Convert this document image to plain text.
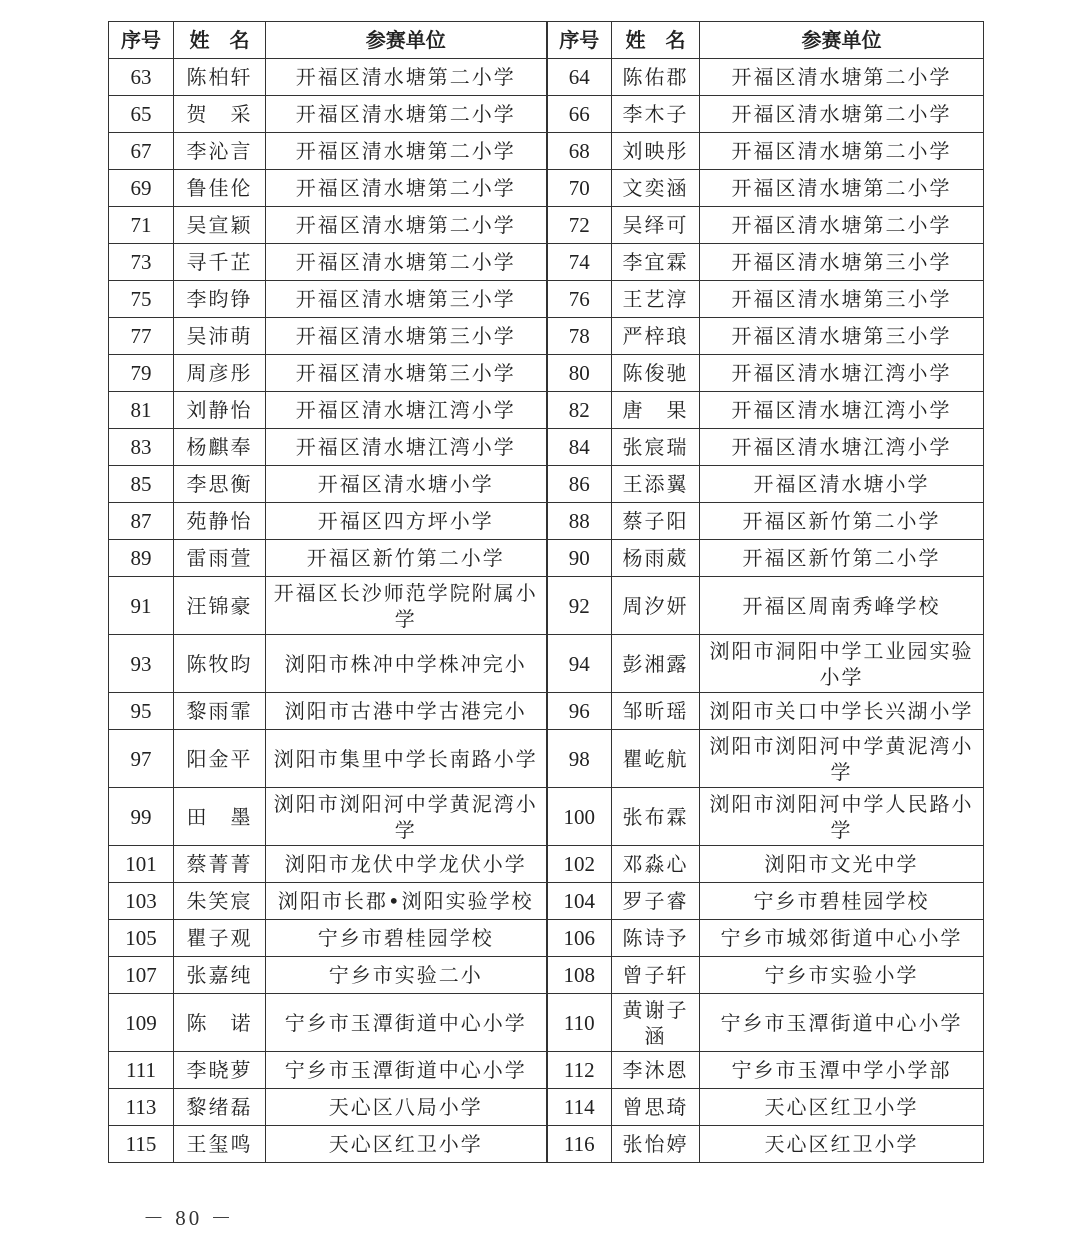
序号	姓　名	参赛单位	序号	姓　名	参赛单位
63	陈柏轩	开福区清水塘第二小学	64	陈佑郡	开福区清水塘第二小学
65	贺　采	开福区清水塘第二小学	66	李木子	开福区清水塘第二小学
67	李沁言	开福区清水塘第二小学	68	刘映彤	开福区清水塘第二小学
69	鲁佳伦	开福区清水塘第二小学	70	文奕涵	开福区清水塘第二小学
71	吴宣颖	开福区清水塘第二小学	72	吴绎可	开福区清水塘第二小学
73	寻千芷	开福区清水塘第二小学	74	李宜霖	开福区清水塘第三小学
75	李昀铮	开福区清水塘第三小学	76	王艺淳	开福区清水塘第三小学
77	吴沛萌	开福区清水塘第三小学	78	严梓琅	开福区清水塘第三小学
79	周彦彤	开福区清水塘第三小学	80	陈俊驰	开福区清水塘江湾小学
81	刘静怡	开福区清水塘江湾小学	82	唐　果	开福区清水塘江湾小学
83	杨麒奉	开福区清水塘江湾小学	84	张宸瑞	开福区清水塘江湾小学
85	李思衡	开福区清水塘小学	86	王添翼	开福区清水塘小学
87	苑静怡	开福区四方坪小学	88	蔡子阳	开福区新竹第二小学
89	雷雨萱	开福区新竹第二小学	90	杨雨葳	开福区新竹第二小学
91	汪锦豪	开福区长沙师范学院附属小学	92	周汐妍	开福区周南秀峰学校
93	陈牧昀	浏阳市株冲中学株冲完小	94	彭湘露	浏阳市洞阳中学工业园实验小学
95	黎雨霏	浏阳市古港中学古港完小	96	邹昕瑶	浏阳市关口中学长兴湖小学
97	阳金平	浏阳市集里中学长南路小学	98	瞿屹航	浏阳市浏阳河中学黄泥湾小学
99	田　墨	浏阳市浏阳河中学黄泥湾小学	100	张布霖	浏阳市浏阳河中学人民路小学
101	蔡菁菁	浏阳市龙伏中学龙伏小学	102	邓淼心	浏阳市文光中学
103	朱笑宸	浏阳市长郡•浏阳实验学校	104	罗子睿	宁乡市碧桂园学校
105	瞿子观	宁乡市碧桂园学校	106	陈诗予	宁乡市城郊街道中心小学
107	张嘉纯	宁乡市实验二小	108	曾子轩	宁乡市实验小学
109	陈　诺	宁乡市玉潭街道中心小学	110	黄谢子涵	宁乡市玉潭街道中心小学
111	李晓萝	宁乡市玉潭街道中心小学	112	李沐恩	宁乡市玉潭中学小学部
113	黎绪磊	天心区八局小学	114	曾思琦	天心区红卫小学
115	王玺鸣	天心区红卫小学	116	张怡婷	天心区红卫小学
－ 80 －
